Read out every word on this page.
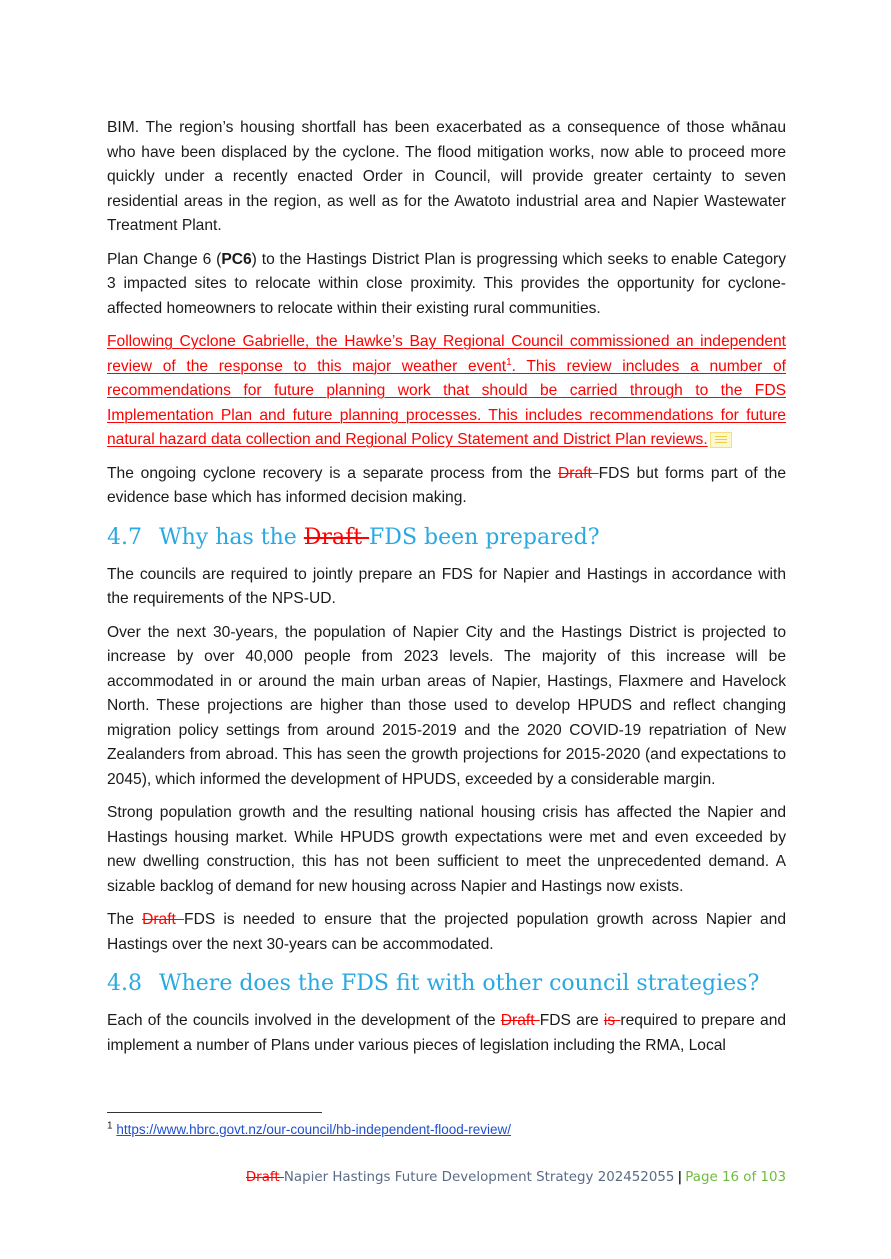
BIM. The region’s housing shortfall has been exacerbated as a consequence of those whānau who have been displaced by the cyclone. The flood mitigation works, now able to proceed more quickly under a recently enacted Order in Council, will provide greater certainty to seven residential areas in the region, as well as for the Awatoto industrial area and Napier Wastewater Treatment Plant.

Plan Change 6 (PC6) to the Hastings District Plan is progressing which seeks to enable Category 3 impacted sites to relocate within close proximity. This provides the opportunity for cyclone-affected homeowners to relocate within their existing rural communities.

Following Cyclone Gabrielle, the Hawke’s Bay Regional Council commissioned an independent review of the response to this major weather event$^1$. This review includes a number of recommendations for future planning work that should be carried through to the FDS Implementation Plan and future planning processes. This includes recommendations for future natural hazard data collection and Regional Policy Statement and District Plan reviews.

The ongoing cyclone recovery is a separate process from the Draft FDS but forms part of the evidence base which has informed decision making.

4.7 Why has the Draft FDS been prepared?

The councils are required to jointly prepare an FDS for Napier and Hastings in accordance with the requirements of the NPS-UD.

Over the next 30-years, the population of Napier City and the Hastings District is projected to increase by over 40,000 people from 2023 levels. The majority of this increase will be accommodated in or around the main urban areas of Napier, Hastings, Flaxmere and Havelock North. These projections are higher than those used to develop HPUDS and reflect changing migration policy settings from around 2015-2019 and the 2020 COVID-19 repatriation of New Zealanders from abroad. This has seen the growth projections for 2015-2020 (and expectations to 2045), which informed the development of HPUDS, exceeded by a considerable margin.

Strong population growth and the resulting national housing crisis has affected the Napier and Hastings housing market. While HPUDS growth expectations were met and even exceeded by new dwelling construction, this has not been sufficient to meet the unprecedented demand. A sizable backlog of demand for new housing across Napier and Hastings now exists.

The Draft FDS is needed to ensure that the projected population growth across Napier and Hastings over the next 30-years can be accommodated.

4.8 Where does the FDS fit with other council strategies?

Each of the councils involved in the development of the Draft FDS are is required to prepare and implement a number of Plans under various pieces of legislation including the RMA, Local

$^1$ https://www.hbrc.govt.nz/our-council/hb-independent-flood-review/
Draft Napier Hastings Future Development Strategy 202452055 | Page 16 of 103
